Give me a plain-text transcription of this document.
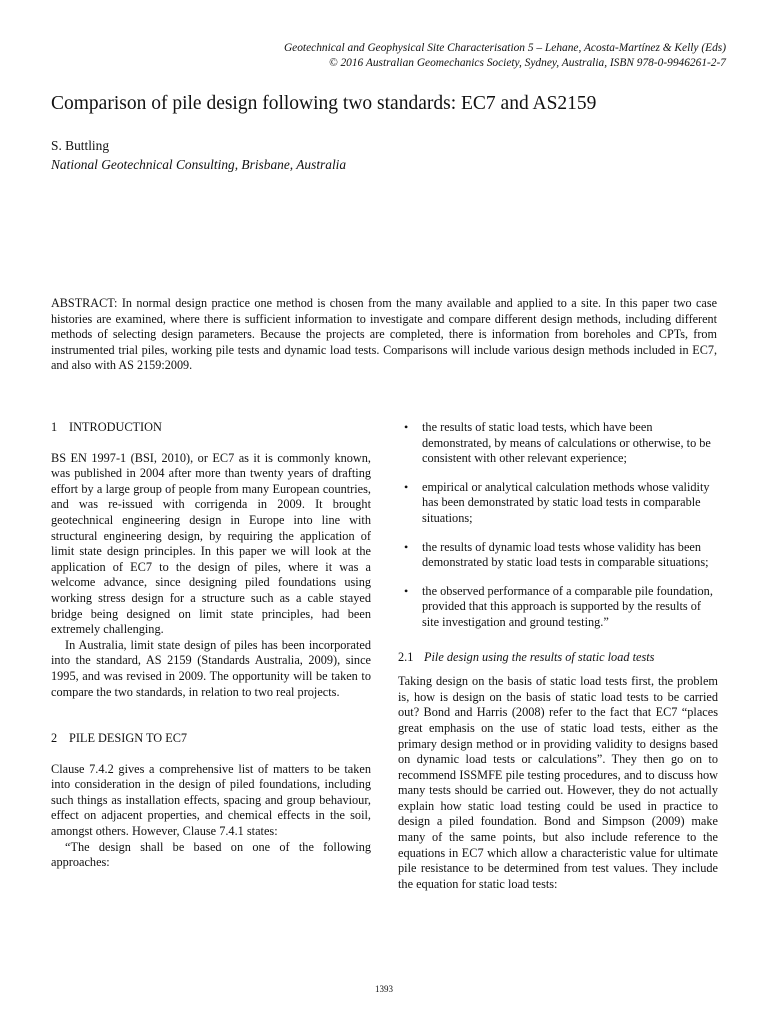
Geotechnical and Geophysical Site Characterisation 5 – Lehane, Acosta-Martínez & Kelly (Eds)
© 2016 Australian Geomechanics Society, Sydney, Australia, ISBN 978-0-9946261-2-7
Comparison of pile design following two standards: EC7 and AS2159
S. Buttling
National Geotechnical Consulting, Brisbane, Australia

ABSTRACT: In normal design practice one method is chosen from the many available and applied to a site. In this paper two case histories are examined, where there is sufficient information to investigate and compare different design methods, including different methods of selecting design parameters. Because the projects are completed, there is information from boreholes and CPTs, from instrumented trial piles, working pile tests and dynamic load tests. Comparisons will include various design methods included in EC7, and also with AS 2159:2009.

1 INTRODUCTION

BS EN 1997-1 (BSI, 2010), or EC7 as it is commonly known, was published in 2004 after more than twenty years of drafting effort by a large group of people from many European countries, and was re-issued with corrigenda in 2009. It brought geotechnical engineering design in Europe into line with structural engineering design, by requiring the application of limit state design principles. In this paper we will look at the application of EC7 to the design of piles, where it was a welcome advance, since designing piled foundations using working stress design for a structure such as a cable stayed bridge being designed on limit state principles, had been extremely challenging.

In Australia, limit state design of piles has been incorporated into the standard, AS 2159 (Standards Australia, 2009), since 1995, and was revised in 2009. The opportunity will be taken to compare the two standards, in relation to two real projects.

2 PILE DESIGN TO EC7

Clause 7.4.2 gives a comprehensive list of matters to be taken into consideration in the design of piled foundations, including such things as installation effects, spacing and group behaviour, effect on adjacent properties, and chemical effects in the soil, amongst others. However, Clause 7.4.1 states:

“The design shall be based on one of the following approaches:

• the results of static load tests, which have been demonstrated, by means of calculations or otherwise, to be consistent with other relevant experience;
• empirical or analytical calculation methods whose validity has been demonstrated by static load tests in comparable situations;
• the results of dynamic load tests whose validity has been demonstrated by static load tests in comparable situations;
• the observed performance of a comparable pile foundation, provided that this approach is supported by the results of site investigation and ground testing.”
2.1 Pile design using the results of static load tests

Taking design on the basis of static load tests first, the problem is, how is design on the basis of static load tests to be carried out? Bond and Harris (2008) refer to the fact that EC7 “places great emphasis on the use of static load tests, either as the primary design method or in providing validity to designs based on dynamic load tests or calculations”. They then go on to recommend ISSMFE pile testing procedures, and to discuss how many tests should be carried out. However, they do not actually explain how static load testing could be used in practice to design a piled foundation. Bond and Simpson (2009) make many of the same points, but also include reference to the equations in EC7 which allow a characteristic value for ultimate pile resistance to be determined from test values. They include the equation for static load tests:

1393
